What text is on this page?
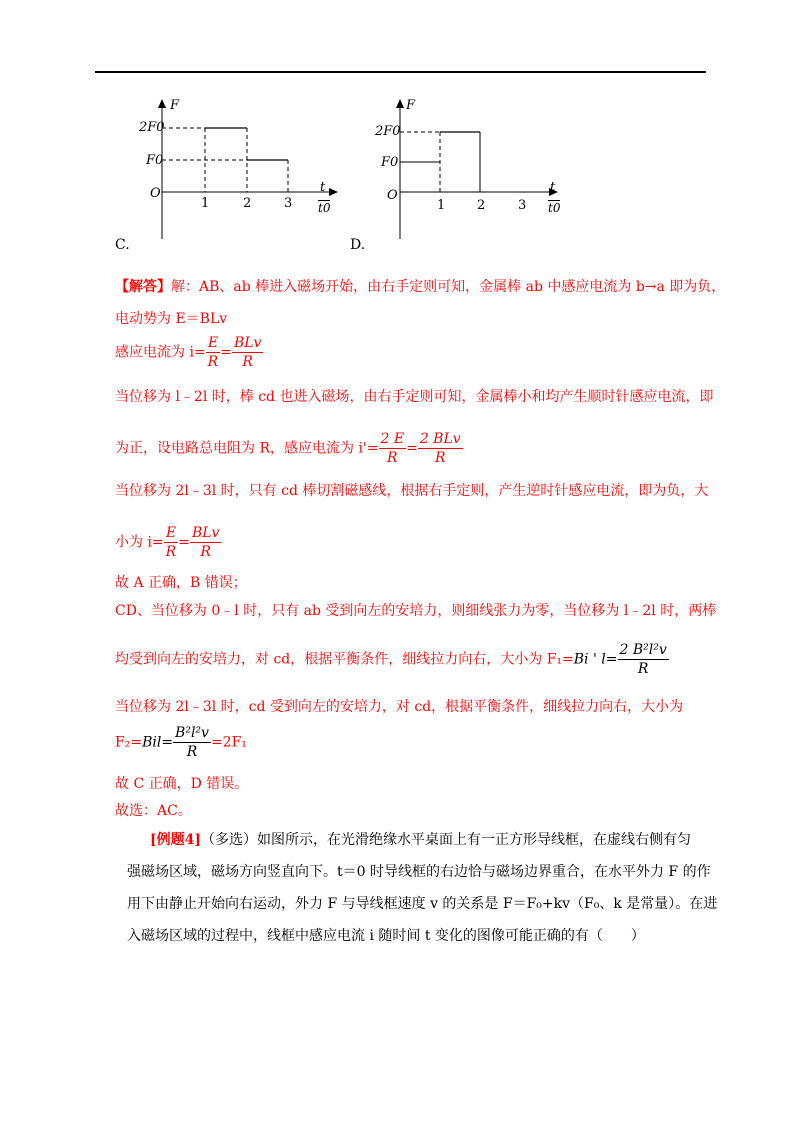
F
2F0
F0
O
1	2	3
t
t0
C.
F
2F0
F0
O
1 2	3
t
t0
D.
【解答】解：AB、ab 棒进入磁场开始，由右手定则可知，金属棒 ab 中感应电流为 b→a 即为负，
电动势为 E＝BLv
感应电流为 $i= \frac{E}{R} = \frac{\text{BLv}}{R}$
当位移为 l﹣2l 时，棒 cd 也进入磁场，由右手定则可知，金属棒小和均产生顺时针感应电流，即
为正，设电路总电阻为 R，感应电流为 $i'= \frac{2 E}{R} = \frac{\text{2 BLv}}{R}$
当位移为 2l﹣3l 时，只有 cd 棒切割磁感线，根据右手定则，产生逆时针感应电流，即为负，大
小为 $i= \frac{E}{R} = \frac{\text{BLv}}{R}$
故 A 正确，B 错误；
CD、当位移为 0﹣l 时，只有 ab 受到向左的安培力，则细线张力为零，当位移为 l﹣2l 时，两棒
均受到向左的安培力，对 cd，根据平衡条件，细线拉力向右，大小为 F₁=Bi ' $l= \frac{\text{2 B²l²v}}{R}$
当位移为 2l﹣3l 时，cd 受到向左的安培力，对 cd，根据平衡条件，细线拉力向右，大小为
$F_2=Bil= \frac{\text{B²l²v}}{R} =2F_1$
故 C 正确，D 错误。
故选：AC。
[例题4]（多选）如图所示，在光滑绝缘水平桌面上有一正方形导线框，在虚线右侧有匀
强磁场区域，磁场方向竖直向下。t＝0 时导线框的右边恰与磁场边界重合，在水平外力 F 的作
用下由静止开始向右运动，外力 F 与导线框速度 v 的关系是 F＝F₀+kv（F₀、k 是常量）。在进
入磁场区域的过程中，线框中感应电流 i 随时间 t 变化的图像可能正确的有（　　）
